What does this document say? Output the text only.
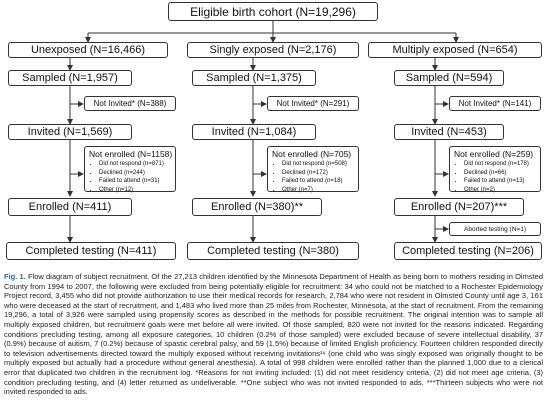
Eligible birth cohort (N=19,296)
Unexposed (N=16,466)
Sampled (N=1,957)
Not Invited* (N=388)
Invited (N=1,569)
Not enrolled (N=1158)
• Did not respond (n=871)
• Declined (n=244)
• Failed to attend (n=31)
• Other (n=12)
Enrolled (N=411)
Completed testing (N=411)
Singly exposed (N=2,176)
Sampled (N=1,375)
Not Invited* (N=291)
Invited (N=1,084)
Not enrolled (N=705)
• Did not respond (n=508)
• Declined (n=172)
• Failed to attend (n=18)
• Other (n=7)
Enrolled (N=380)**
Completed testing (N=380)
Multiply exposed (N=654)
Sampled (N=594)
Not Invited* (N=141)
Invited (N=453)
Not enrolled (N=259)
• Did not respond (n=178)
• Declined (n=66)
• Failed to attend (n=13)
• Other (n=2)
Enrolled (N=207)***
Aborted testing (N=1)
Completed testing (N=206)
Fig. 1. Flow diagram of subject recruitment. Of the 27,213 children identified by the Minnesota Department of Health as being born to mothers residing in Olmsted County from 1994 to 2007, the following were excluded from being potentially eligible for recruitment: 34 who could not be matched to a Rochester Epidemiology Project record, 3,455 who did not provide authorization to use their medical records for research, 2,784 who were not resident in Olmsted County until age 3, 161 who were deceased at the start of recruitment, and 1,483 who lived more than 25 miles from Rochester, Minnesota, at the start of recruitment. From the remaining 19,296, a total of 3,926 were sampled using propensity scores as described in the methods for possible recruitment. The original intention was to sample all multiply exposed children, but recruitment goals were met before all were invited. Of those sampled, 820 were not invited for the reasons indicated. Regarding conditions precluding testing, among all exposure categories, 10 children (0.2% of those sampled) were excluded because of severe intellectual disability, 37 (0.9%) because of autism, 7 (0.2%) because of spastic cerebral palsy, and 59 (1.5%) because of limited English proficiency. Fourteen children responded directly to television advertisements directed toward the multiply exposed without receiving invitations¹⁶ (one child who was singly exposed was originally thought to be multiply exposed but actually had a procedure without general anesthesia). A total of 998 children were enrolled rather than the planned 1,000 due to a clerical error that duplicated two children in the recruitment log. *Reasons for not inviting included: (1) did not meet residency criteria, (2) did not meet age criteria, (3) condition precluding testing, and (4) letter returned as undeliverable. **One subject who was not invited responded to ads. ***Thirteen subjects who were not invited responded to ads.
